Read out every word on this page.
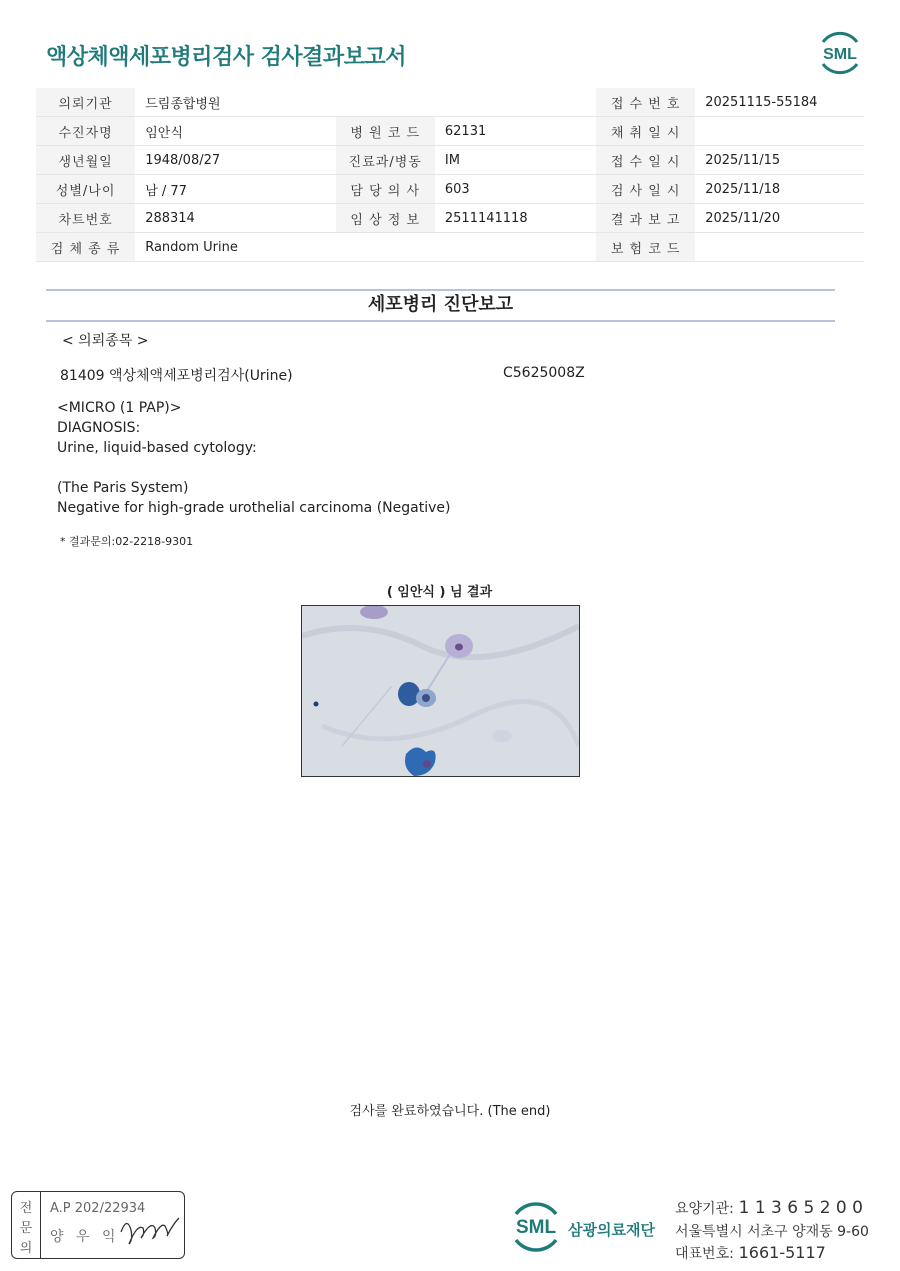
액상체액세포병리검사 검사결과보고서	SML
의뢰기관	드림종합병원			접 수 번 호	20251115-55184
수진자명	임안식	병 원 코 드	62131	채 취 일 시	
생년월일	1948/08/27	진료과/병동	IM	접 수 일 시	2025/11/15
성별/나이	남 / 77	담 당 의 사	603	검 사 일 시	2025/11/18
차트번호	288314	임 상 정 보	2511141118	결 과 보 고	2025/11/20
검 체 종 류	Random Urine			보 험 코 드	
세포병리 진단보고
< 의뢰종목 >
81409 액상체액세포병리검사(Urine)	C5625008Z
<MICRO (1 PAP)>
DIAGNOSIS:
Urine, liquid-based cytology:
(The Paris System)
Negative for high-grade urothelial carcinoma (Negative)
* 결과문의:02-2218-9301
( 임안식 ) 님 결과
검사를 완료하였습니다. (The end)
전
문
의
A.P 202/22934
양 우 익	SML 삼광의료재단
요양기관: 1 1 3 6 5 2 0 0
서울특별시 서초구 양재동 9-60
대표번호: 1661-5117
